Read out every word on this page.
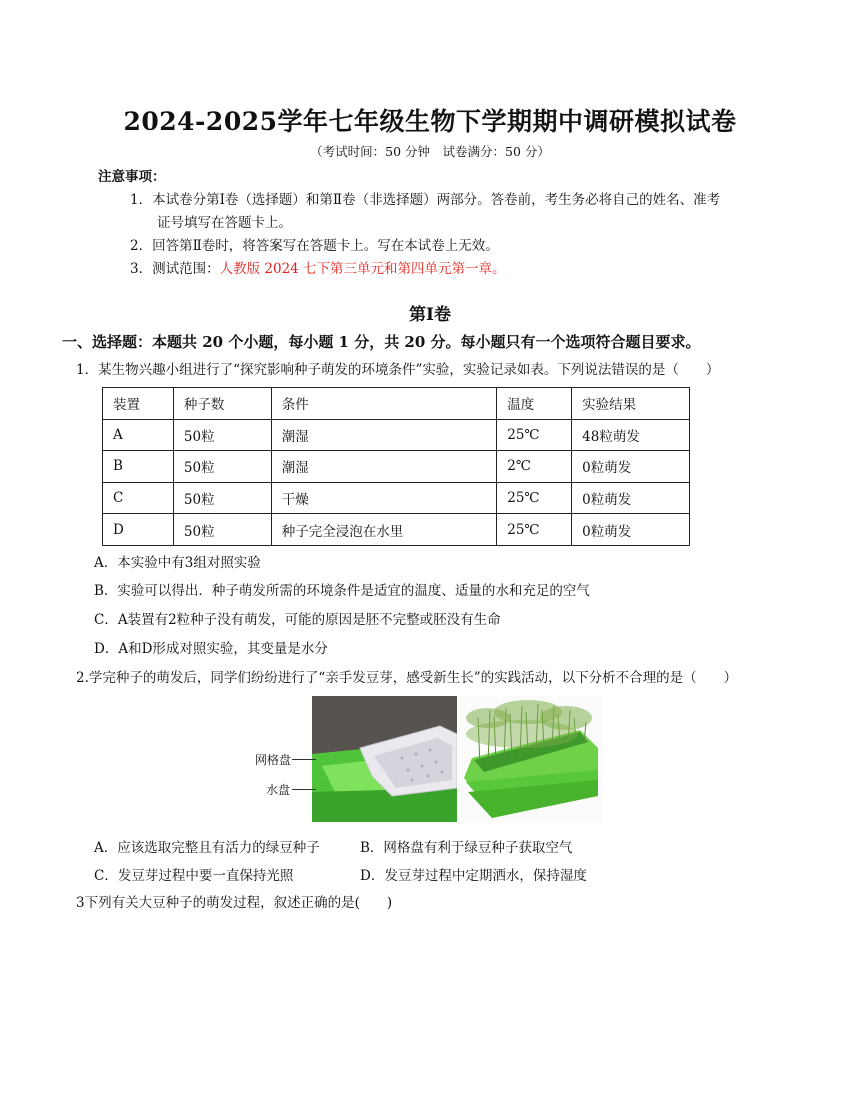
2024-2025学年七年级生物下学期期中调研模拟试卷
（考试时间：50 分钟　试卷满分：50 分）
注意事项：
1．本试卷分第Ⅰ卷（选择题）和第Ⅱ卷（非选择题）两部分。答卷前，考生务必将自己的姓名、准考
证号填写在答题卡上。
2．回答第Ⅱ卷时，将答案写在答题卡上。写在本试卷上无效。
3．测试范围：人教版 2024 七下第三单元和第四单元第一章。
第Ⅰ卷
一、选择题：本题共 20 个小题，每小题 1 分，共 20 分。每小题只有一个选项符合题目要求。
1．某生物兴趣小组进行了“探究影响种子萌发的环境条件”实验，实验记录如表。下列说法错误的是（　　）
装置	种子数	条件	温度	实验结果
A	50粒	潮湿	25℃	48粒萌发
B	50粒	潮湿	2℃	0粒萌发
C	50粒	干燥	25℃	0粒萌发
D	50粒	种子完全浸泡在水里	25℃	0粒萌发
A．本实验中有3组对照实验
B．实验可以得出．种子萌发所需的环境条件是适宜的温度、适量的水和充足的空气
C．A装置有2粒种子没有萌发，可能的原因是胚不完整或胚没有生命
D．A和D形成对照实验，其变量是水分
2.学完种子的萌发后，同学们纷纷进行了“亲手发豆芽，感受新生长”的实践活动，以下分析不合理的是（　　）
网格盘
水盘
A．应该选取完整且有活力的绿豆种子	B．网格盘有利于绿豆种子获取空气
C．发豆芽过程中要一直保持光照	D．发豆芽过程中定期洒水，保持湿度
3下列有关大豆种子的萌发过程，叙述正确的是(　　)
